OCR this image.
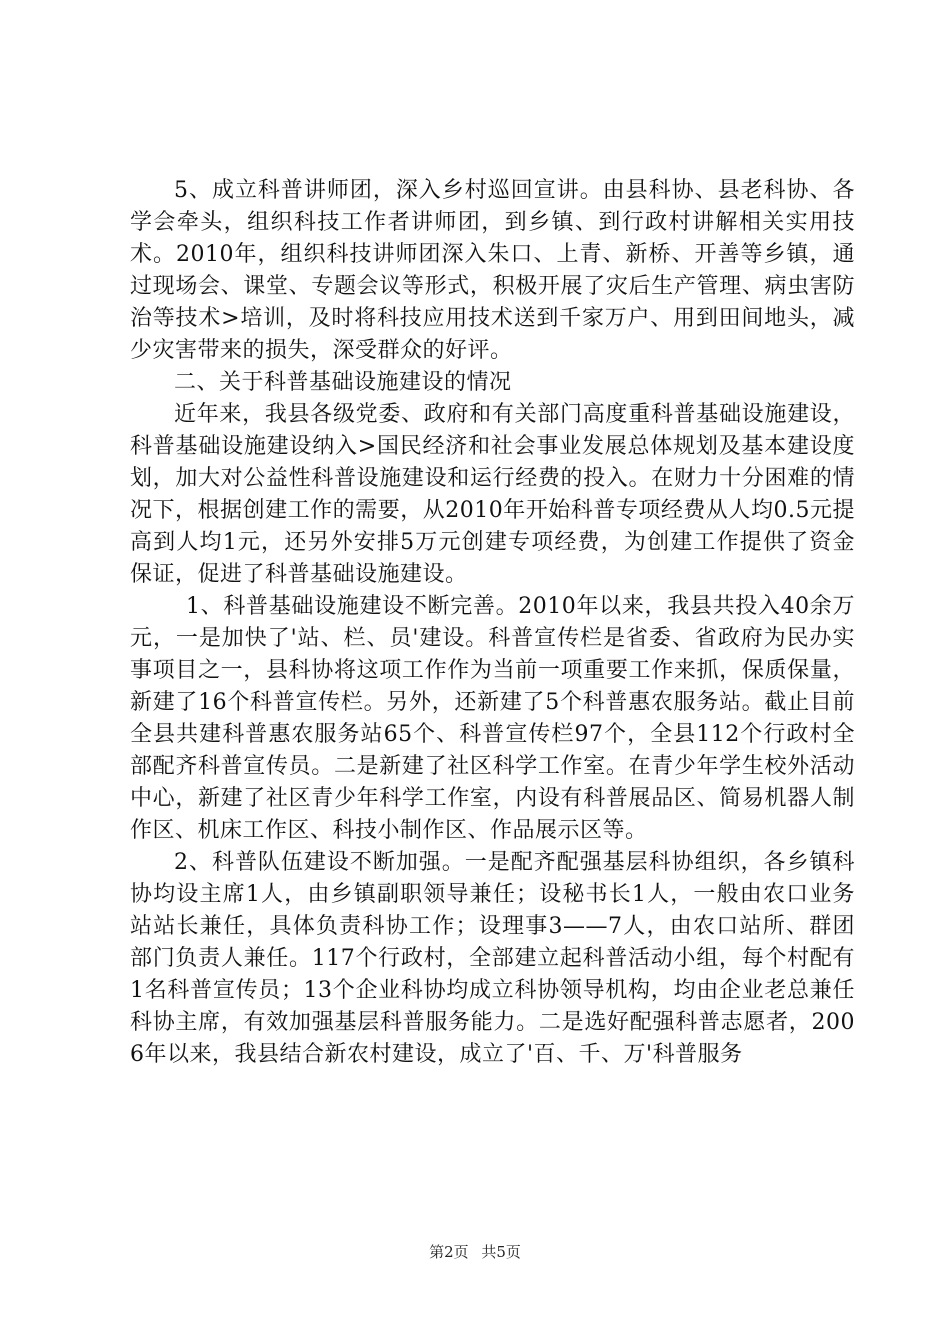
5、成立科普讲师团，深入乡村巡回宣讲。由县科协、县老科协、各学会牵头，组织科技工作者讲师团，到乡镇、到行政村讲解相关实用技术。2010年，组织科技讲师团深入朱口、上青、新桥、开善等乡镇，通过现场会、课堂、专题会议等形式，积极开展了灾后生产管理、病虫害防治等技术>培训，及时将科技应用技术送到千家万户、用到田间地头，减少灾害带来的损失，深受群众的好评。

二、关于科普基础设施建设的情况

近年来，我县各级党委、政府和有关部门高度重科普基础设施建设，科普基础设施建设纳入>国民经济和社会事业发展总体规划及基本建设度划，加大对公益性科普设施建设和运行经费的投入。在财力十分困难的情况下，根据创建工作的需要，从2010年开始科普专项经费从人均0.5元提高到人均1元，还另外安排5万元创建专项经费，为创建工作提供了资金保证，促进了科普基础设施建设。

1、科普基础设施建设不断完善。2010年以来，我县共投入40余万元，一是加快了'站、栏、员'建设。科普宣传栏是省委、省政府为民办实事项目之一，县科协将这项工作作为当前一项重要工作来抓，保质保量，新建了16个科普宣传栏。另外，还新建了5个科普惠农服务站。截止目前全县共建科普惠农服务站65个、科普宣传栏97个，全县112个行政村全部配齐科普宣传员。二是新建了社区科学工作室。在青少年学生校外活动中心，新建了社区青少年科学工作室，内设有科普展品区、简易机器人制作区、机床工作区、科技小制作区、作品展示区等。

2、科普队伍建设不断加强。一是配齐配强基层科协组织，各乡镇科协均设主席1人，由乡镇副职领导兼任；设秘书长1人，一般由农口业务站站长兼任，具体负责科协工作；设理事3——7人，由农口站所、群团部门负责人兼任。117个行政村，全部建立起科普活动小组，每个村配有1名科普宣传员；13个企业科协均成立科协领导机构，均由企业老总兼任科协主席，有效加强基层科普服务能力。二是选好配强科普志愿者，2006年以来，我县结合新农村建设，成立了'百、千、万'科普服务

第2页 共5页
